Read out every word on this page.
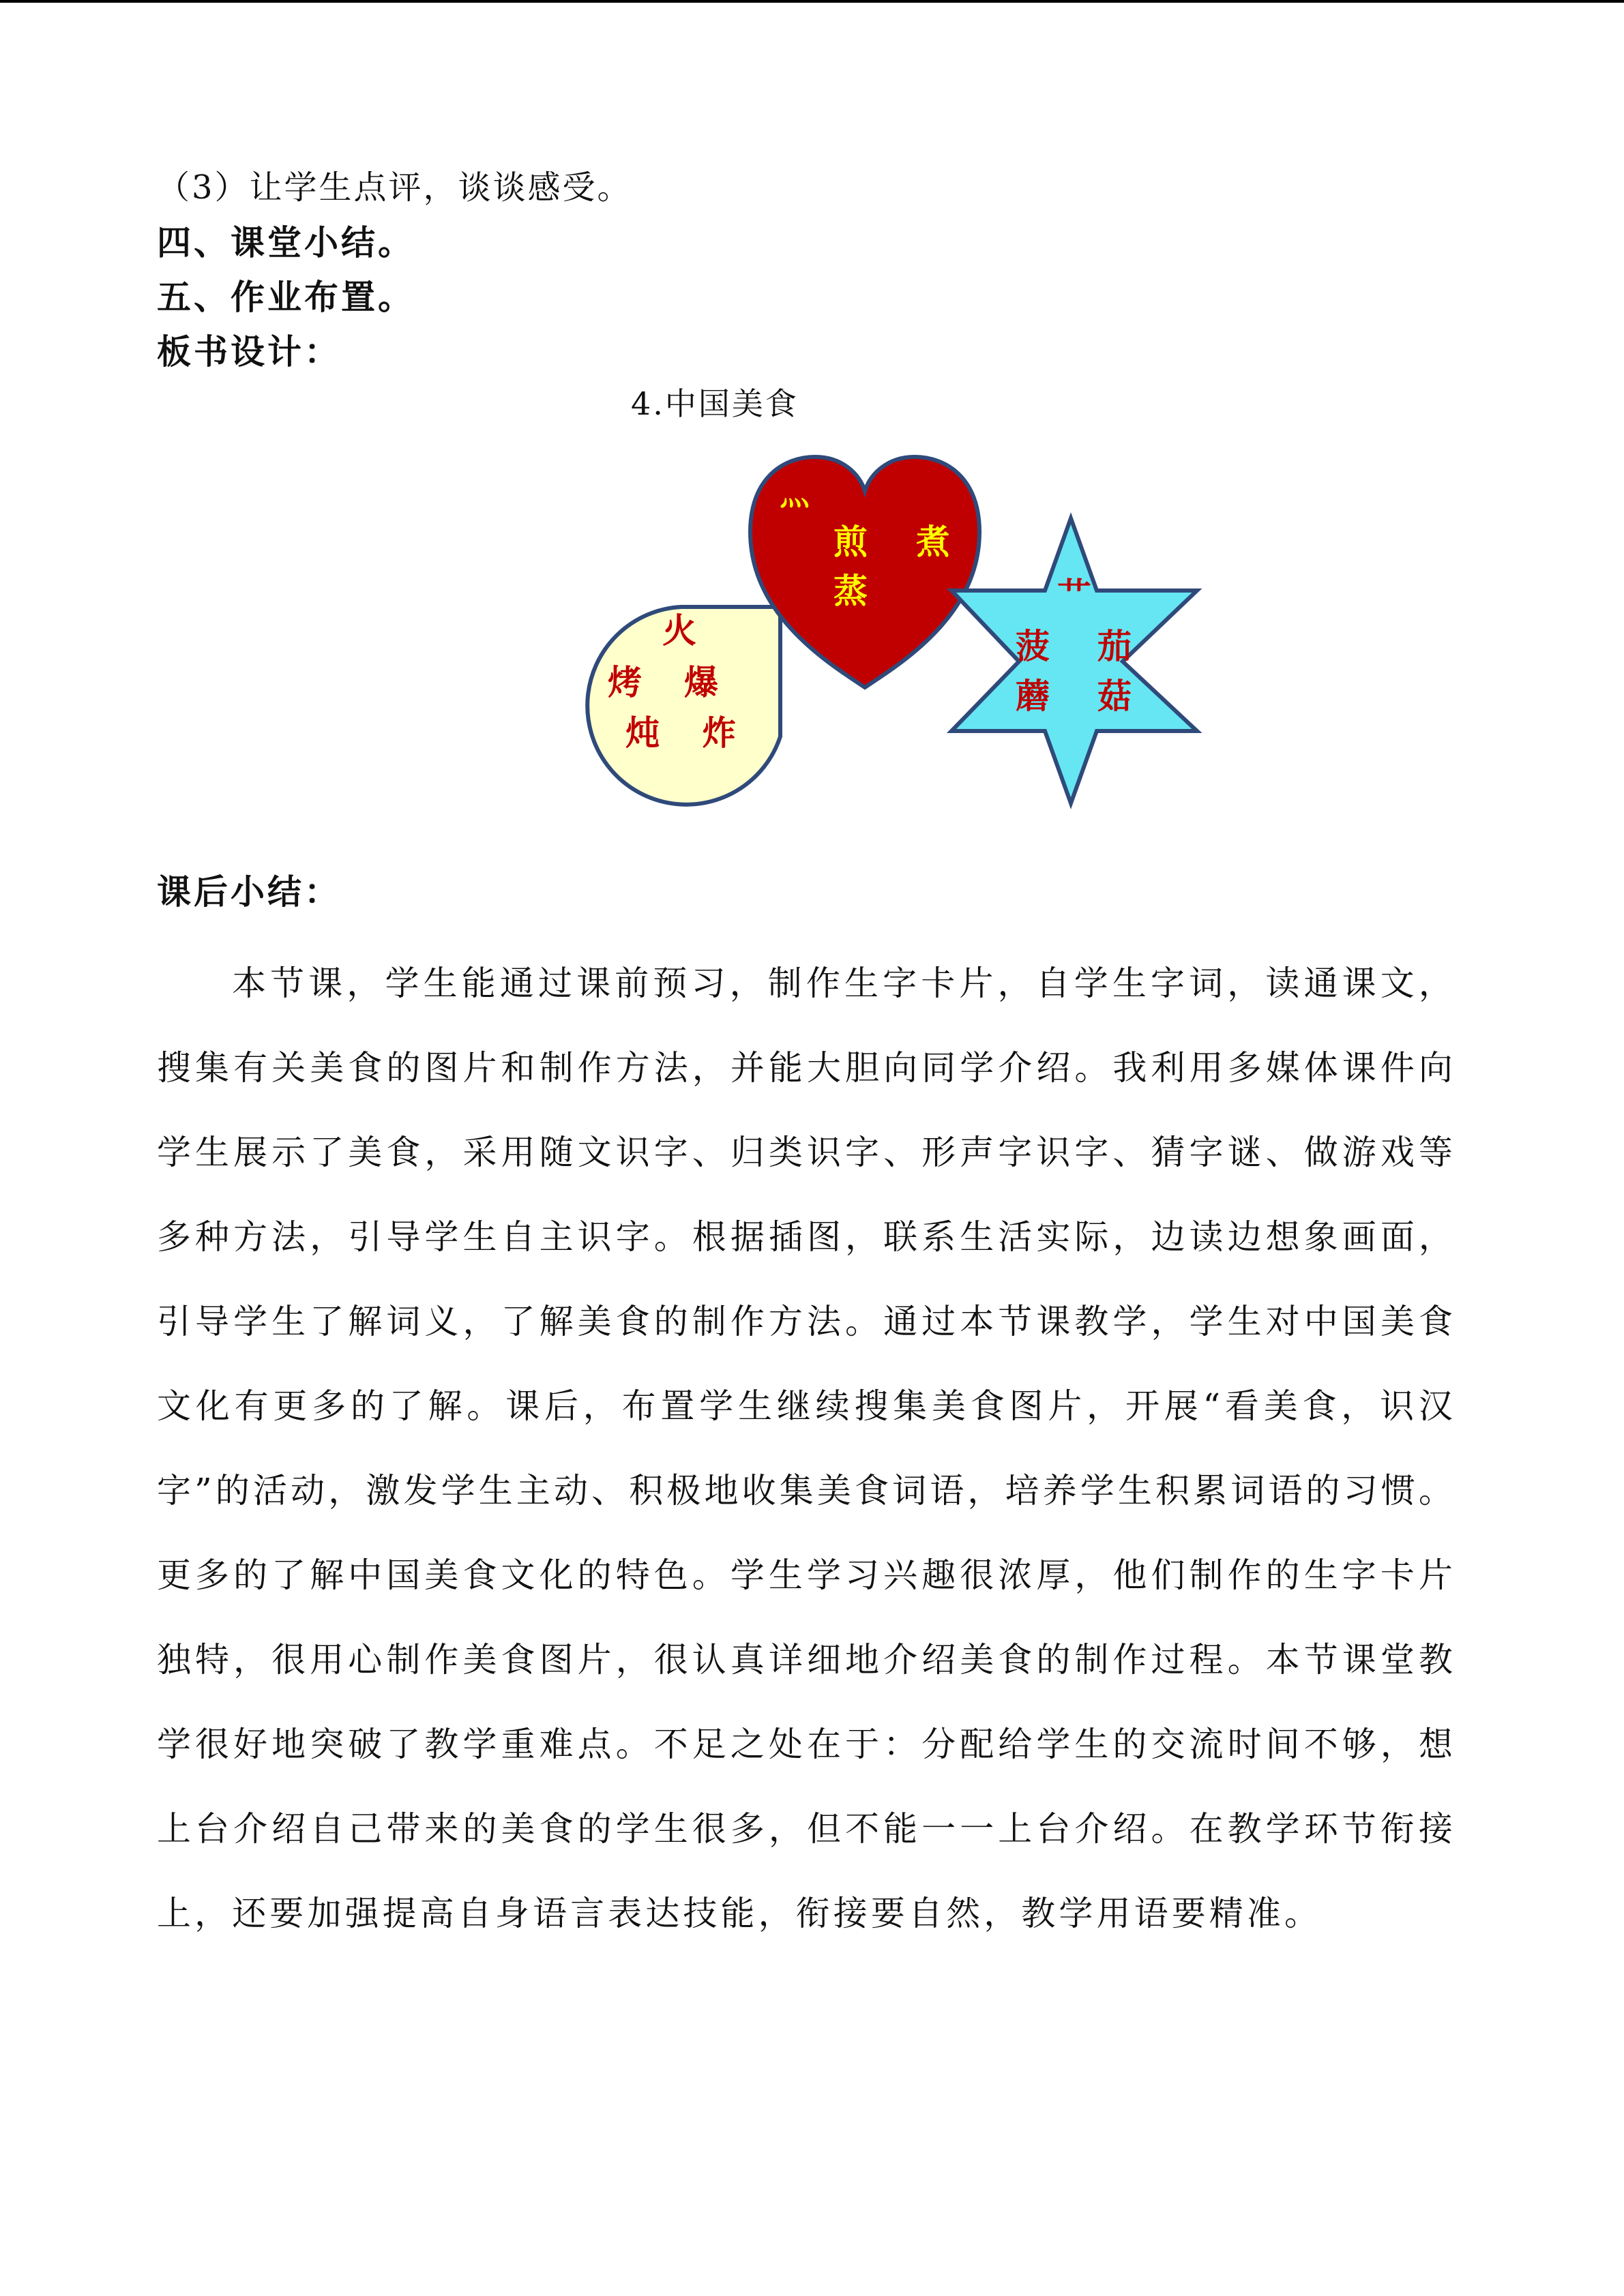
（3）让学生点评，谈谈感受。
四、课堂小结。
五、作业布置。
板书设计：
4.中国美食
火
烤 爆
炖 炸
灬
煎 煮
蒸	艹
菠 茄
蘑 菇
课后小结：
本节课，学生能通过课前预习，制作生字卡片，自学生字词，读通课文，搜集有关美食的图片和制作方法，并能大胆向同学介绍。我利用多媒体课件向学生展示了美食，采用随文识字、归类识字、形声字识字、猜字谜、做游戏等多种方法，引导学生自主识字。根据插图，联系生活实际，边读边想象画面，引导学生了解词义，了解美食的制作方法。通过本节课教学，学生对中国美食文化有更多的了解。课后，布置学生继续搜集美食图片，开展“看美食，识汉字”的活动，激发学生主动、积极地收集美食词语，培养学生积累词语的习惯。更多的了解中国美食文化的特色。学生学习兴趣很浓厚，他们制作的生字卡片独特，很用心制作美食图片，很认真详细地介绍美食的制作过程。本节课堂教学很好地突破了教学重难点。不足之处在于：分配给学生的交流时间不够，想上台介绍自己带来的美食的学生很多，但不能一一上台介绍。在教学环节衔接上，还要加强提高自身语言表达技能，衔接要自然，教学用语要精准。
